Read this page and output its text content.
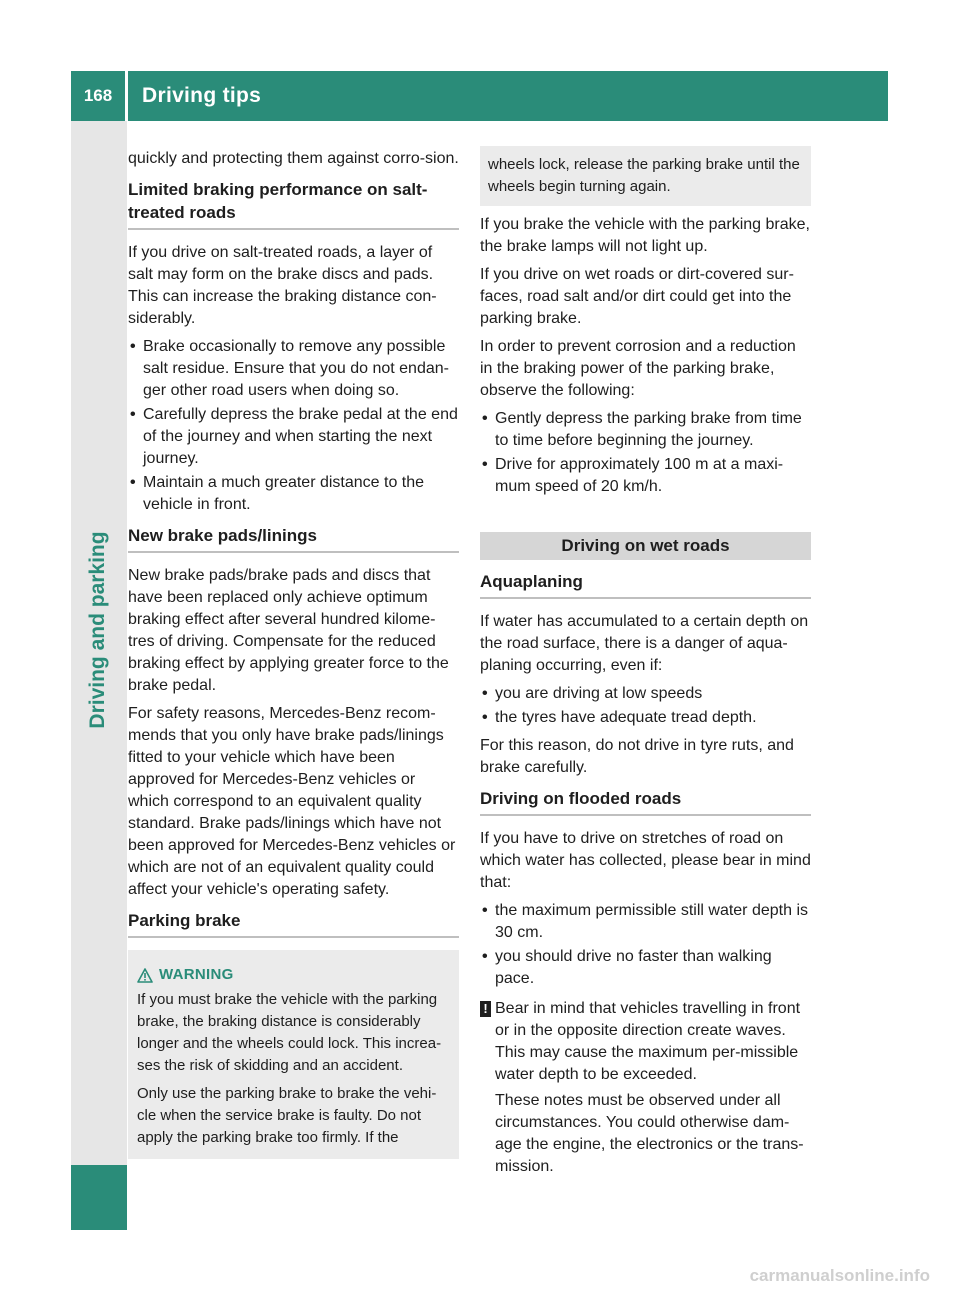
168	Driving tips
Driving and parking

quickly and protecting them against corro-sion.

Limited braking performance on salt-treated roads

If you drive on salt-treated roads, a layer of salt may form on the brake discs and pads. This can increase the braking distance con-siderably.

• Brake occasionally to remove any possible salt residue. Ensure that you do not endan-ger other road users when doing so.
• Carefully depress the brake pedal at the end of the journey and when starting the next journey.
• Maintain a much greater distance to the vehicle in front.
New brake pads/linings

New brake pads/brake pads and discs that have been replaced only achieve optimum braking effect after several hundred kilome-tres of driving. Compensate for the reduced braking effect by applying greater force to the brake pedal.

For safety reasons, Mercedes-Benz recom-mends that you only have brake pads/linings fitted to your vehicle which have been approved for Mercedes-Benz vehicles or which correspond to an equivalent quality standard. Brake pads/linings which have not been approved for Mercedes-Benz vehicles or which are not of an equivalent quality could affect your vehicle's operating safety.

Parking brake
WARNING

If you must brake the vehicle with the parking brake, the braking distance is considerably longer and the wheels could lock. This increa-ses the risk of skidding and an accident.

Only use the parking brake to brake the vehi-cle when the service brake is faulty. Do not apply the parking brake too firmly. If the

wheels lock, release the parking brake until the wheels begin turning again.

If you brake the vehicle with the parking brake, the brake lamps will not light up.

If you drive on wet roads or dirt-covered sur-faces, road salt and/or dirt could get into the parking brake.

In order to prevent corrosion and a reduction in the braking power of the parking brake, observe the following:

• Gently depress the parking brake from time to time before beginning the journey.
• Drive for approximately 100 m at a maxi-mum speed of 20 km/h.
Driving on wet roads
Aquaplaning

If water has accumulated to a certain depth on the road surface, there is a danger of aqua-planing occurring, even if:

• you are driving at low speeds
• the tyres have adequate tread depth.

For this reason, do not drive in tyre ruts, and brake carefully.

Driving on flooded roads

If you have to drive on stretches of road on which water has collected, please bear in mind that:

• the maximum permissible still water depth is 30 cm.
• you should drive no faster than walking pace.
! Bear in mind that vehicles travelling in front or in the opposite direction create waves. This may cause the maximum per-missible water depth to be exceeded.

These notes must be observed under all circumstances. You could otherwise dam-age the engine, the electronics or the trans-mission.

carmanualsonline.info
